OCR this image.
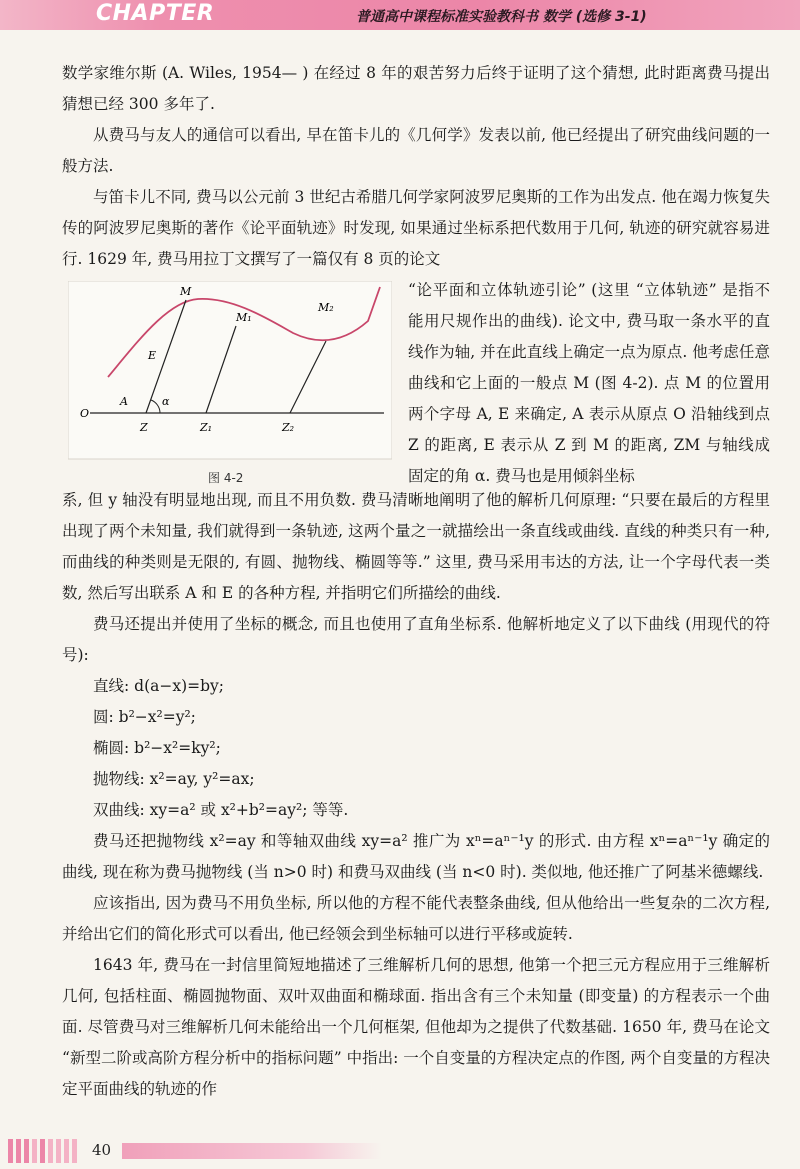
CHAPTER	普通高中课程标准实验教科书 数学 (选修 3-1)

数学家维尔斯 (A. Wiles, 1954— ) 在经过 8 年的艰苦努力后终于证明了这个猜想, 此时距离费马提出猜想已经 300 多年了.

从费马与友人的通信可以看出, 早在笛卡儿的《几何学》发表以前, 他已经提出了研究曲线问题的一般方法.

与笛卡儿不同, 费马以公元前 3 世纪古希腊几何学家阿波罗尼奥斯的工作为出发点. 他在竭力恢复失传的阿波罗尼奥斯的著作《论平面轨迹》时发现, 如果通过坐标系把代数用于几何, 轨迹的研究就容易进行. 1629 年, 费马用拉丁文撰写了一篇仅有 8 页的论文

M
M₁
M₂
E
A	α
O
Z	Z₁	Z₂
图 4-2
“论平面和立体轨迹引论” (这里 “立体轨迹” 是指不能用尺规作出的曲线). 论文中, 费马取一条水平的直线作为轴, 并在此直线上确定一点为原点. 他考虑任意曲线和它上面的一般点 M (图 4-2). 点 M 的位置用两个字母 A, E 来确定, A 表示从原点 O 沿轴线到点 Z 的距离, E 表示从 Z 到 M 的距离, ZM 与轴线成固定的角 α. 费马也是用倾斜坐标

系, 但 y 轴没有明显地出现, 而且不用负数. 费马清晰地阐明了他的解析几何原理: “只要在最后的方程里出现了两个未知量, 我们就得到一条轨迹, 这两个量之一就描绘出一条直线或曲线. 直线的种类只有一种, 而曲线的种类则是无限的, 有圆、抛物线、椭圆等等.” 这里, 费马采用韦达的方法, 让一个字母代表一类数, 然后写出联系 A 和 E 的各种方程, 并指明它们所描绘的曲线.

费马还提出并使用了坐标的概念, 而且也使用了直角坐标系. 他解析地定义了以下曲线 (用现代的符号):

直线: d(a−x)=by;
圆: b²−x²=y²;
椭圆: b²−x²=ky²;
抛物线: x²=ay, y²=ax;
双曲线: xy=a² 或 x²+b²=ay²; 等等.

费马还把抛物线 x²=ay 和等轴双曲线 xy=a² 推广为 xⁿ=aⁿ⁻¹y 的形式. 由方程 xⁿ=aⁿ⁻¹y 确定的曲线, 现在称为费马抛物线 (当 n>0 时) 和费马双曲线 (当 n<0 时). 类似地, 他还推广了阿基米德螺线.

应该指出, 因为费马不用负坐标, 所以他的方程不能代表整条曲线, 但从他给出一些复杂的二次方程, 并给出它们的简化形式可以看出, 他已经领会到坐标轴可以进行平移或旋转.

1643 年, 费马在一封信里简短地描述了三维解析几何的思想, 他第一个把三元方程应用于三维解析几何, 包括柱面、椭圆抛物面、双叶双曲面和椭球面. 指出含有三个未知量 (即变量) 的方程表示一个曲面. 尽管费马对三维解析几何未能给出一个几何框架, 但他却为之提供了代数基础. 1650 年, 费马在论文 “新型二阶或高阶方程分析中的指标问题” 中指出: 一个自变量的方程决定点的作图, 两个自变量的方程决定平面曲线的轨迹的作

40
